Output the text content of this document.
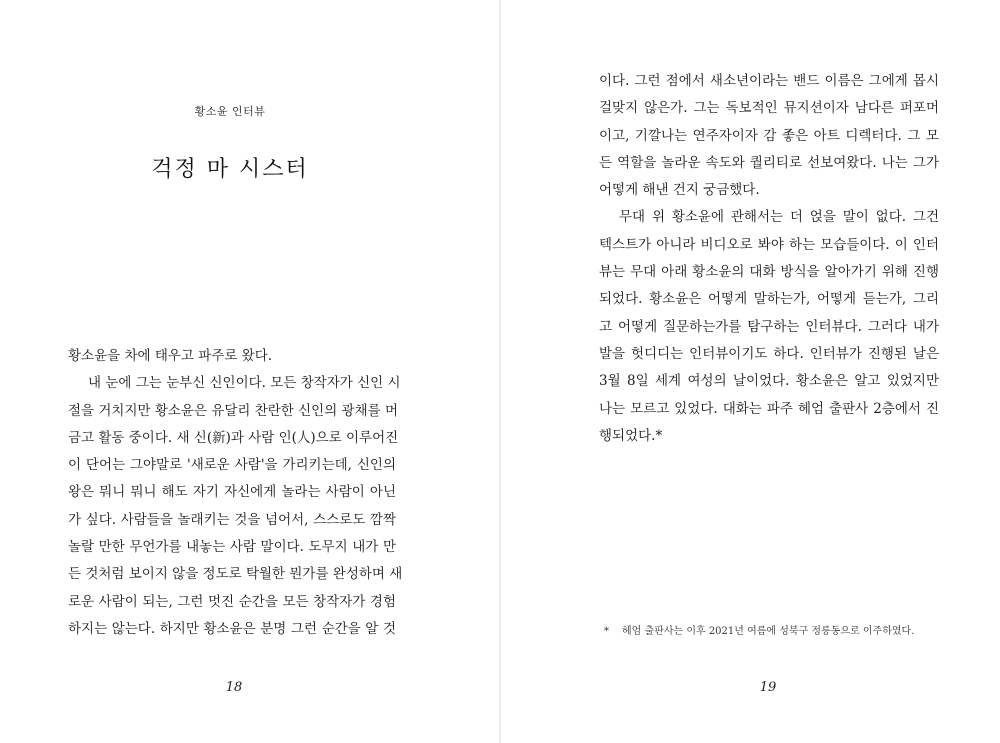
황소윤 인터뷰
걱정 마 시스터
황소윤을 차에 태우고 파주로 왔다.
내 눈에 그는 눈부신 신인이다. 모든 창작자가 신인 시
절을 거치지만 황소윤은 유달리 찬란한 신인의 광채를 머
금고 활동 중이다. 새 신(新)과 사람 인(人)으로 이루어진
이 단어는 그야말로 '새로운 사람'을 가리키는데, 신인의
왕은 뭐니 뭐니 해도 자기 자신에게 놀라는 사람이 아닌
가 싶다. 사람들을 놀래키는 것을 넘어서, 스스로도 깜짝
놀랄 만한 무언가를 내놓는 사람 말이다. 도무지 내가 만
든 것처럼 보이지 않을 정도로 탁월한 뭔가를 완성하며 새
로운 사람이 되는, 그런 멋진 순간을 모든 창작자가 경험
하지는 않는다. 하지만 황소윤은 분명 그런 순간을 알 것
18
이다. 그런 점에서 새소년이라는 밴드 이름은 그에게 몹시
걸맞지 않은가. 그는 독보적인 뮤지션이자 남다른 퍼포머
이고, 기깔나는 연주자이자 감 좋은 아트 디렉터다. 그 모
든 역할을 놀라운 속도와 퀄리티로 선보여왔다. 나는 그가
어떻게 해낸 건지 궁금했다.
무대 위 황소윤에 관해서는 더 얹을 말이 없다. 그건
텍스트가 아니라 비디오로 봐야 하는 모습들이다. 이 인터
뷰는 무대 아래 황소윤의 대화 방식을 알아가기 위해 진행
되었다. 황소윤은 어떻게 말하는가, 어떻게 듣는가, 그리
고 어떻게 질문하는가를 탐구하는 인터뷰다. 그러다 내가
발을 헛디디는 인터뷰이기도 하다. 인터뷰가 진행된 날은
3월 8일 세계 여성의 날이었다. 황소윤은 알고 있었지만
나는 모르고 있었다. 대화는 파주 헤엄 출판사 2층에서 진
행되었다.*
* 헤엄 출판사는 이후 2021년 여름에 성북구 정릉동으로 이주하였다.
19
